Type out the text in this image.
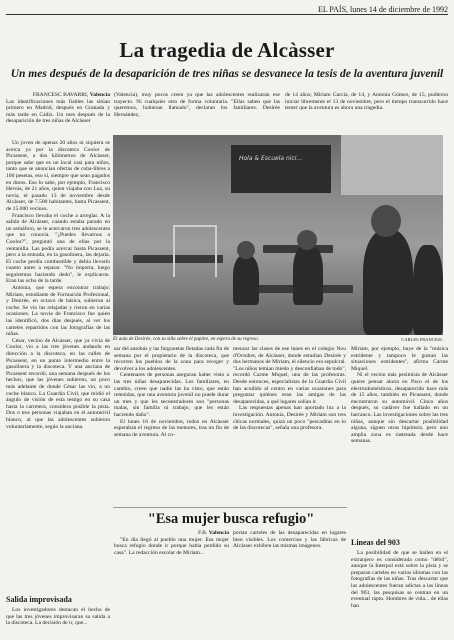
EL PAÍS, lunes 14 de diciembre de 1992
La tragedia de Alcàsser
Un mes después de la desaparición de tres niñas se desvanece la tesis de la aventura juvenil
FRANCESC BAVARRI, Valencia
Las identificaciones más fiables las sitúan primero en Madrid, después en Granada y más tarde en Cádiz. Un mes después de la desaparición de tres niñas de Alcàsser
(Valencia), muy pocos creen ya que las adolescentes realizaran ese trayecto. Ni cualquier otro de forma voluntaria. "Ellas saben que las queremos, hubieran llamado", declaran los familiares. Desirée Hernández,
de 14 años; Miriam García, de 14, y Antonia Gómez, de 15, pudieron iniciar libremente el 13 de noviembre, pero el tiempo transcurrido hace temer que la aventura es ahora una tragedia.

Un joven de apenas 20 años ni siquiera se acerca ya por la discoteca Coolor de Picassent, a dos kilómetros de Alcàsser, porque sabe que es un local casi para niños, tanto que se anuncian ofertas de cuba-libres a 100 pesetas, eso sí, siempre que sean pagados en duros. Eso lo sabe, por ejemplo, Francisco Hervás, de 21 años, quien viajaba con Luz, su novia, el pasado 13 de noviembre desde Alcàsser, de 7.500 habitantes, hasta Picassent, de 15.000 vecinos.

Francisco llevaba el coche a arreglar. A la salida de Alcàsser, cuando estaba parado en un semáforo, se le acercaron tres adolescentes que no conocía. "¿Puedes llevarnos a Coolor?", preguntó una de ellas por la ventanilla. Las podía acercar hasta Picassent, pero a la entrada, en la gasolinera, las dejaría. El coche perdía combustible y debía llevarlo cuanto antes a reparar. "No importa, luego seguiremos haciendo dedo", le explicaron. Eran las ocho de la tarde.

Antonia, que espera encontrar trabajo; Miriam, estudiante de Formación Profesional, y Desirée, en octavo de básica, subieron al coche. Se vio las relajadas y rieron en varias ocasiones. La novia de Francisco fue quien las identificó, dos días después, al ver los carteles repartidos con las fotografías de las niñas.

César, vecino de Alcàsser, que ya vivía de Coolor, vio a las tres jóvenes andando en dirección a la discoteca, en las calles de Picassent, en un punto intermedio entre la gasolinera y la discoteca. Y una anciana de Picassent recordó, una semana después de los hechos, que las jóvenes subieron, un poco más adelante de donde César las vio, a un coche blanco. La Guardia Civil, que midió el ángulo de visión de esta testigo en su casa hasta la carretera, considera posible la pista. Dos o tres personas viajaban en el automóvil blanco, al que las adolescentes subieron voluntariamente, según la anciana.

Salida improvisada

Los investigadores destacan el hecho de que las tres jóvenes improvisaran su salida a la discoteca. La decisión de ir, que...

Hola & Escuela nici...
El aula de Desirée, con su silla sobre el pupitre, en espera de su regreso.	CARLES FRANCESC

sar del autobús y las furgonetas fletadas cada fin de semana por el propietario de la discoteca, que recorren los pueblos de la zona para recoger y devolver a los adolescentes.

Centenares de personas aseguran haber visto a las tres niñas desaparecidas. Los familiares, en cambio, creen que nadie las ha visto, que están retenidas, que una aventura juvenil no puede durar un mes y que les secuestradores son "personas malas, sin familia ni trabajo, que les están haciendo daño".

El lunes 16 de noviembre, todos en Alcàsser esperaban el regreso de las menores, tras un fin de semana de aventura. Al co-

menzar las clases de ese lunes en el colegio Nou d'Octubre, de Alcàsser, donde estudian Desirée y dos hermanos de Miriam, el silencio era sepulcral. "Los niños temían miedo y desconfiaban de todo", recordó Carme Miquel, una de las profesoras. Desde entonces, especialistas de la Guardia Civil han acudido al centro en varias ocasiones para preguntar quiénes eran las amigas de las desaparecidas, a qué lugares solían ir.

Las respuestas apenas han aportado luz a la investigación. Antonia, Desirée y Miriam son tres chicas normales, quizá un poco "pescaditas en lo de las discotecas", señala una profesora.

Miriam, por ejemplo, huye de la "música estridente y tampoco le gustan las situaciones estridentes", afirma Carme Miquel.

Ni el vecino más pesimista de Alcàsser quiere pensar ahora en Paco el de los electrodomésticos, desaparecido hace más de 15 años, también en Picassent, donde encontraron su automóvil. Cinco años después, su cadáver fue hallado en un barranco. Las investigaciones sobre las tres niñas, aunque sin descartar posibilidad alguna, siguen otras hipótesis, pero uno amplia zona es rastreada desde hace semanas.

Lineas del 903

La posibilidad de que se hallen en el extranjero es considerada como "débil", aunque la Interpol está sobre la pista y se preparan carteles en varios idiomas con las fotografías de las niñas. Tras descartar que las adolescentes fueran adictas a las líneas del 903, las pesquisas se centran en un eventual rapto. Hombres de vida... de ellas han

"Esa mujer busca refugio"
F.B. Valencia

"En día llegó al pueblo una mujer. Esa mujer busca refugio donde ir porque había perdido su casa". La redacción escolar de Miriam...

portan carteles de las desaparecidas en lugares bien visibles. Los comercios y las fábricas de Alcàsser exhiben las mismas imágenes.
